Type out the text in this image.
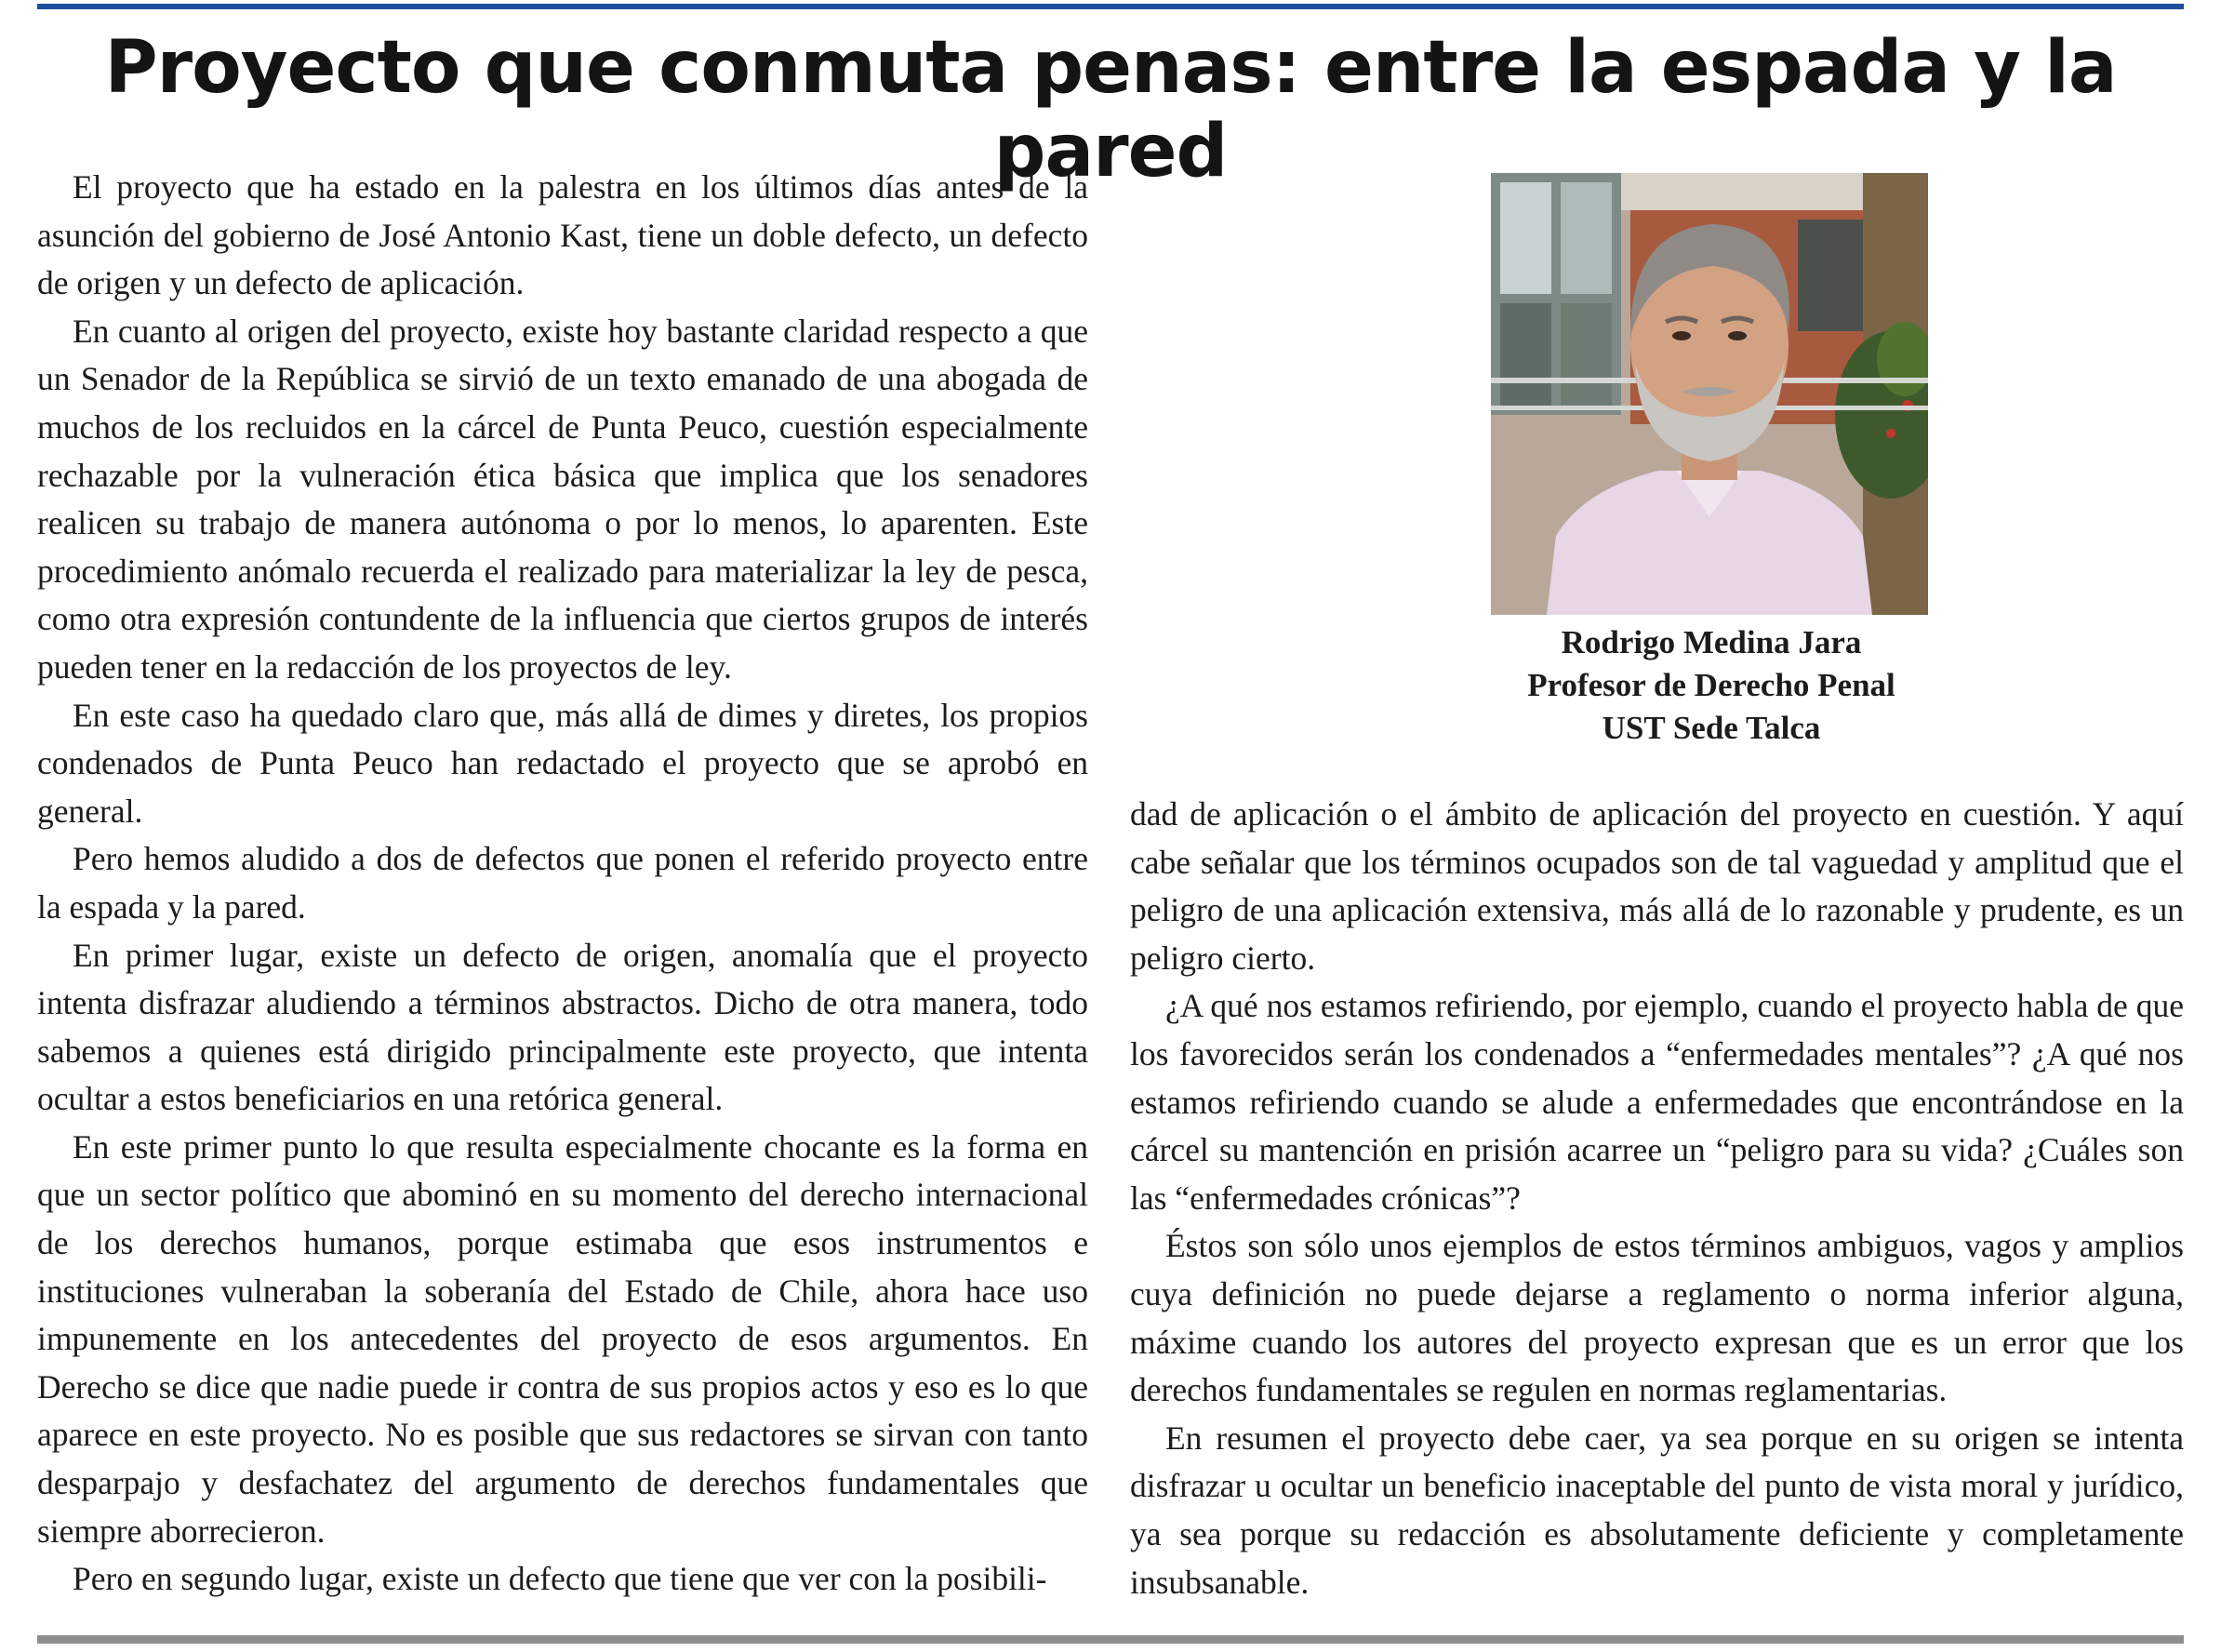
Proyecto que conmuta penas: entre la espada y la pared

El proyecto que ha estado en la palestra en los últimos días antes de la asunción del gobierno de José Antonio Kast, tiene un doble defecto, un defecto de origen y un defecto de aplicación.

En cuanto al origen del proyecto, existe hoy bastante claridad respecto a que un Senador de la República se sirvió de un texto emanado de una abogada de muchos de los recluidos en la cárcel de Punta Peuco, cuestión especialmente rechazable por la vulneración ética básica que implica que los senadores realicen su trabajo de manera autónoma o por lo menos, lo aparenten. Este procedimiento anómalo recuerda el realizado para materializar la ley de pesca, como otra expresión contundente de la influencia que ciertos grupos de interés pueden tener en la redacción de los proyectos de ley.

En este caso ha quedado claro que, más allá de dimes y diretes, los propios condenados de Punta Peuco han redactado el proyecto que se aprobó en general.

Pero hemos aludido a dos de defectos que ponen el referido proyecto entre la espada y la pared.

En primer lugar, existe un defecto de origen, anomalía que el proyecto intenta disfrazar aludiendo a términos abstractos. Dicho de otra manera, todo sabemos a quienes está dirigido principalmente este proyecto, que intenta ocultar a estos beneficiarios en una retórica general.

En este primer punto lo que resulta especialmente chocante es la forma en que un sector político que abominó en su momento del derecho internacional de los derechos humanos, porque estimaba que esos instrumentos e instituciones vulneraban la soberanía del Estado de Chile, ahora hace uso impunemente en los antecedentes del proyecto de esos argumentos. En Derecho se dice que nadie puede ir contra de sus propios actos y eso es lo que aparece en este proyecto. No es posible que sus redactores se sirvan con tanto desparpajo y desfachatez del argumento de derechos fundamentales que siempre aborrecieron.

Pero en segundo lugar, existe un defecto que tiene que ver con la posibili-

Rodrigo Medina Jara
Profesor de Derecho Penal
UST Sede Talca

dad de aplicación o el ámbito de aplicación del proyecto en cuestión. Y aquí cabe señalar que los términos ocupados son de tal vaguedad y amplitud que el peligro de una aplicación extensiva, más allá de lo razonable y prudente, es un peligro cierto.

¿A qué nos estamos refiriendo, por ejemplo, cuando el proyecto habla de que los favorecidos serán los condenados a “enfermedades mentales”? ¿A qué nos estamos refiriendo cuando se alude a enfermedades que encontrándose en la cárcel su mantención en prisión acarree un “peligro para su vida? ¿Cuáles son las “enfermedades crónicas”?

Éstos son sólo unos ejemplos de estos términos ambiguos, vagos y amplios cuya definición no puede dejarse a reglamento o norma inferior alguna, máxime cuando los autores del proyecto expresan que es un error que los derechos fundamentales se regulen en normas reglamentarias.

En resumen el proyecto debe caer, ya sea porque en su origen se intenta disfrazar u ocultar un beneficio inaceptable del punto de vista moral y jurídico, ya sea porque su redacción es absolutamente deficiente y completamente insubsanable.
